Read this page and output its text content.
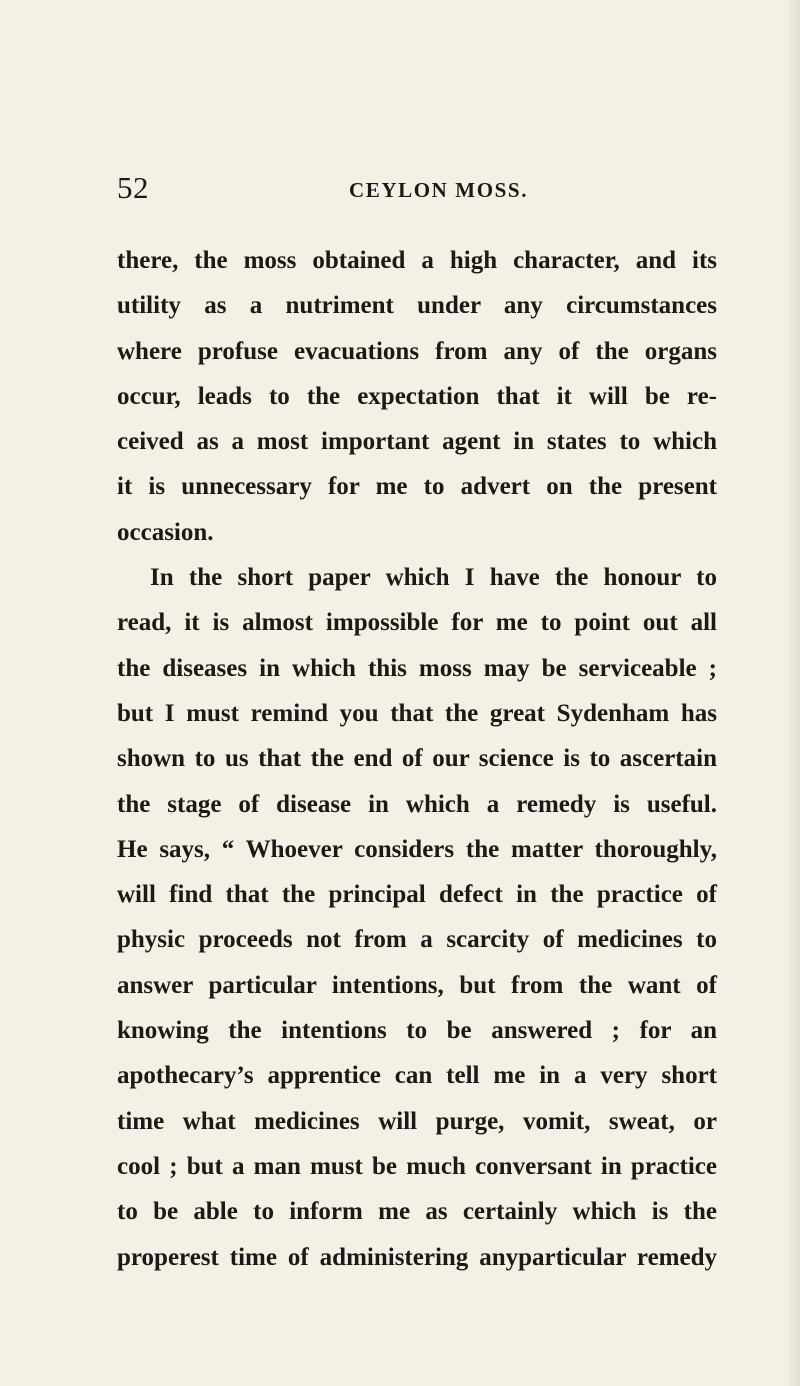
52	CEYLON MOSS.
there, the moss obtained a high character, and its
utility as a nutriment under any circumstances
where profuse evacuations from any of the organs
occur, leads to the expectation that it will be re-
ceived as a most important agent in states to which
it is unnecessary for me to advert on the present
occasion.
In the short paper which I have the honour to
read, it is almost impossible for me to point out all
the diseases in which this moss may be serviceable ;
but I must remind you that the great Sydenham has
shown to us that the end of our science is to ascertain
the stage of disease in which a remedy is useful.
He says, “ Whoever considers the matter thoroughly,
will find that the principal defect in the practice of
physic proceeds not from a scarcity of medicines to
answer particular intentions, but from the want of
knowing the intentions to be answered ; for an
apothecary’s apprentice can tell me in a very short
time what medicines will purge, vomit, sweat, or
cool ; but a man must be much conversant in practice
to be able to inform me as certainly which is the
properest time of administering anyparticular remedy
